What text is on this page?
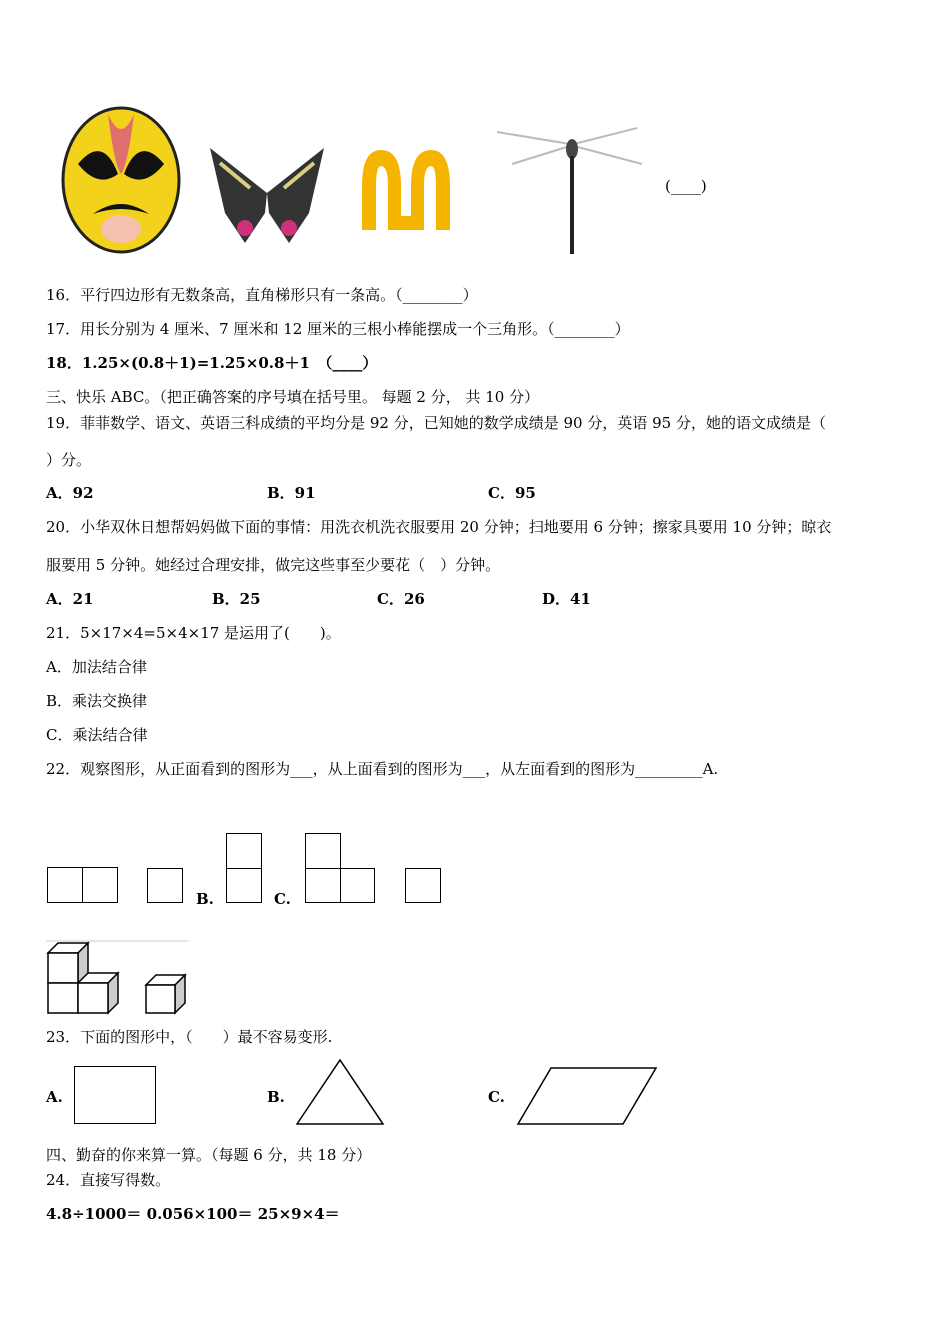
(____)
16．平行四边形有无数条高，直角梯形只有一条高。（________）
17．用长分别为 4 厘米、7 厘米和 12 厘米的三根小棒能摆成一个三角形。（________）
18．1.25×(0.8＋1)=1.25×0.8＋1　（____）
三、快乐 ABC。（把正确答案的序号填在括号里。 每题 2 分， 共 10 分）
19．菲菲数学、语文、英语三科成绩的平均分是 92 分，已知她的数学成绩是 90 分，英语 95 分，她的语文成绩是（
）分。
A．92	B．91	C．95
20．小华双休日想帮妈妈做下面的事情：用洗衣机洗衣服要用 20 分钟；扫地要用 6 分钟；擦家具要用 10 分钟；晾衣
服要用 5 分钟。她经过合理安排，做完这些事至少要花（　）分钟。
A．21	B．25	C．26	D．41
21．5×17×4=5×4×17 是运用了(　　)。
A．加法结合律
B．乘法交换律
C．乘法结合律
22．观察图形，从正面看到的图形为___，从上面看到的图形为___，从左面看到的图形为_________A.
B.	C.
23．下面的图形中，（　　）最不容易变形.
A.	B.	C.
四、勤奋的你来算一算。（每题 6 分，共 18 分）
24．直接写得数。
4.8÷1000＝ 0.056×100＝ 25×9×4＝
